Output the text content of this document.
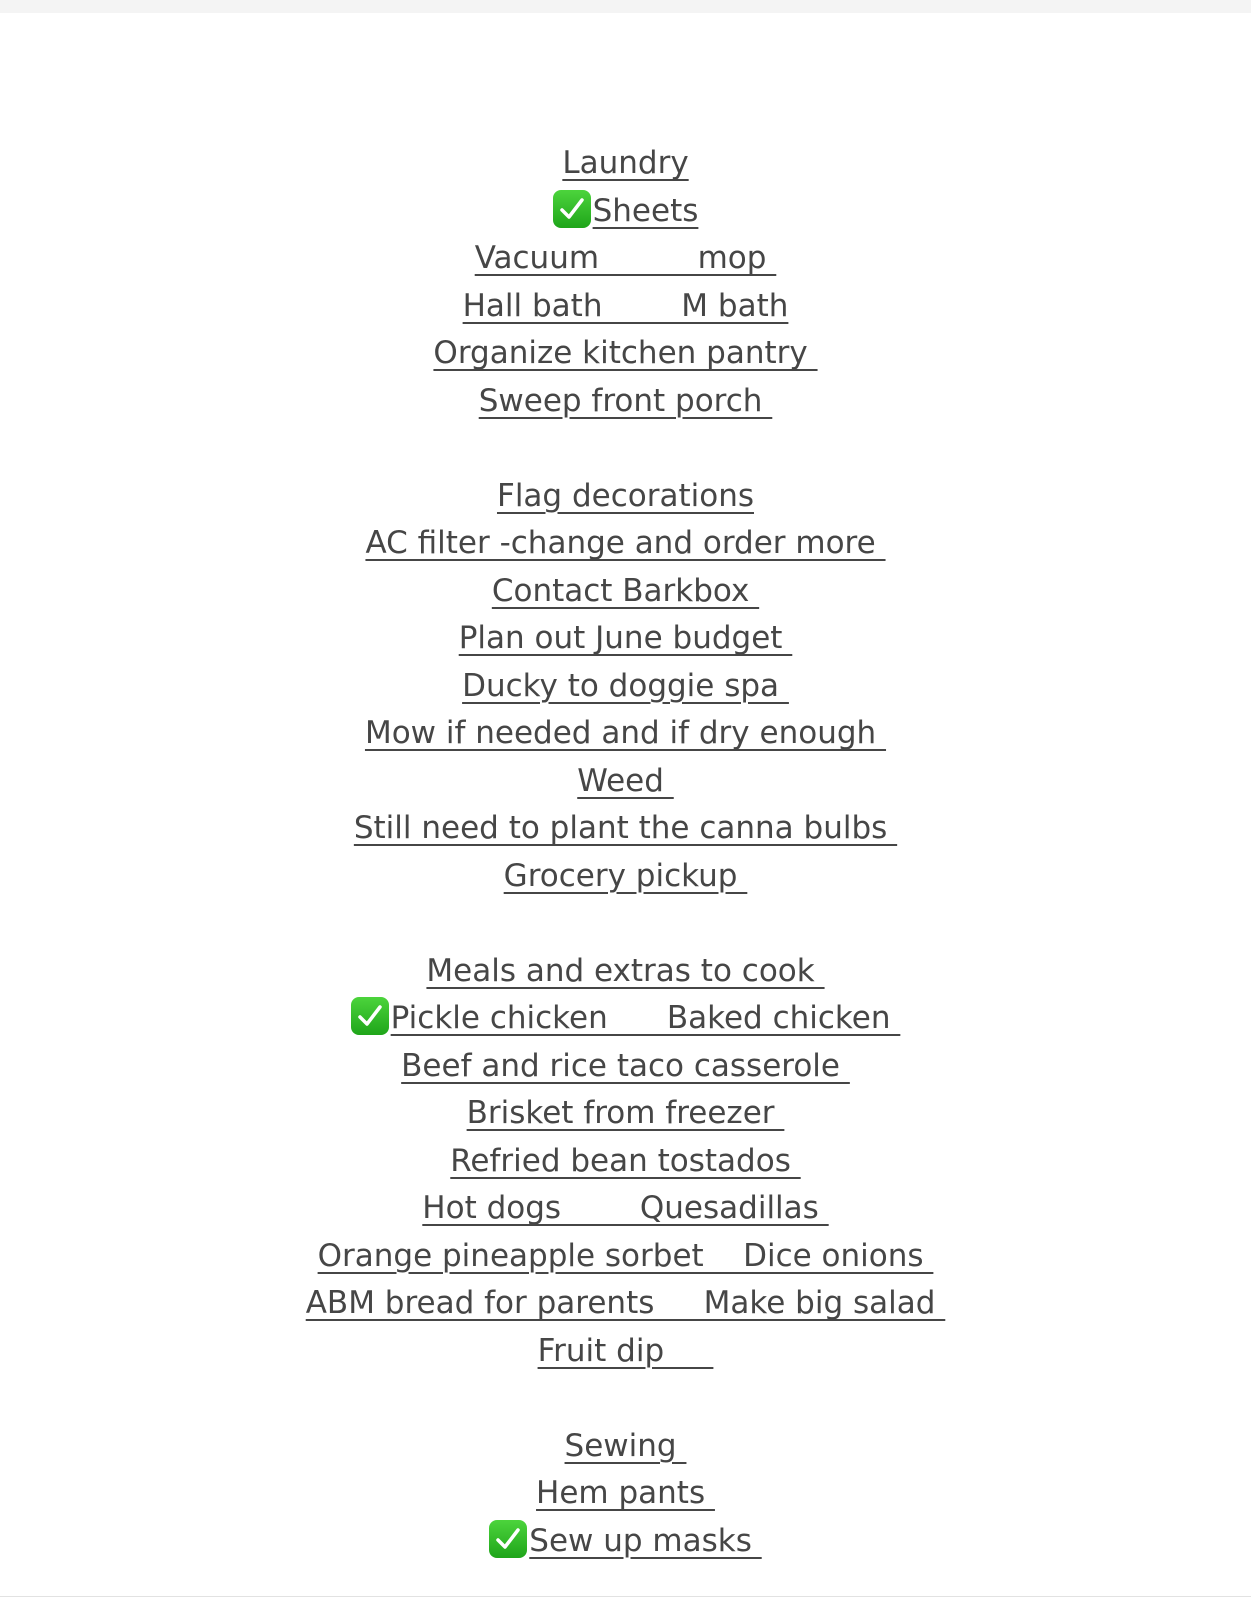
Laundry
Sheets
Vacuum          mop
Hall bath        M bath
Organize kitchen pantry
Sweep front porch
Flag decorations
AC filter -change and order more
Contact Barkbox
Plan out June budget
Ducky to doggie spa
Mow if needed and if dry enough
Weed
Still need to plant the canna bulbs
Grocery pickup
Meals and extras to cook
Pickle chicken      Baked chicken
Beef and rice taco casserole
Brisket from freezer
Refried bean tostados
Hot dogs        Quesadillas
Orange pineapple sorbet    Dice onions
ABM bread for parents     Make big salad
Fruit dip
Sewing
Hem pants
Sew up masks
